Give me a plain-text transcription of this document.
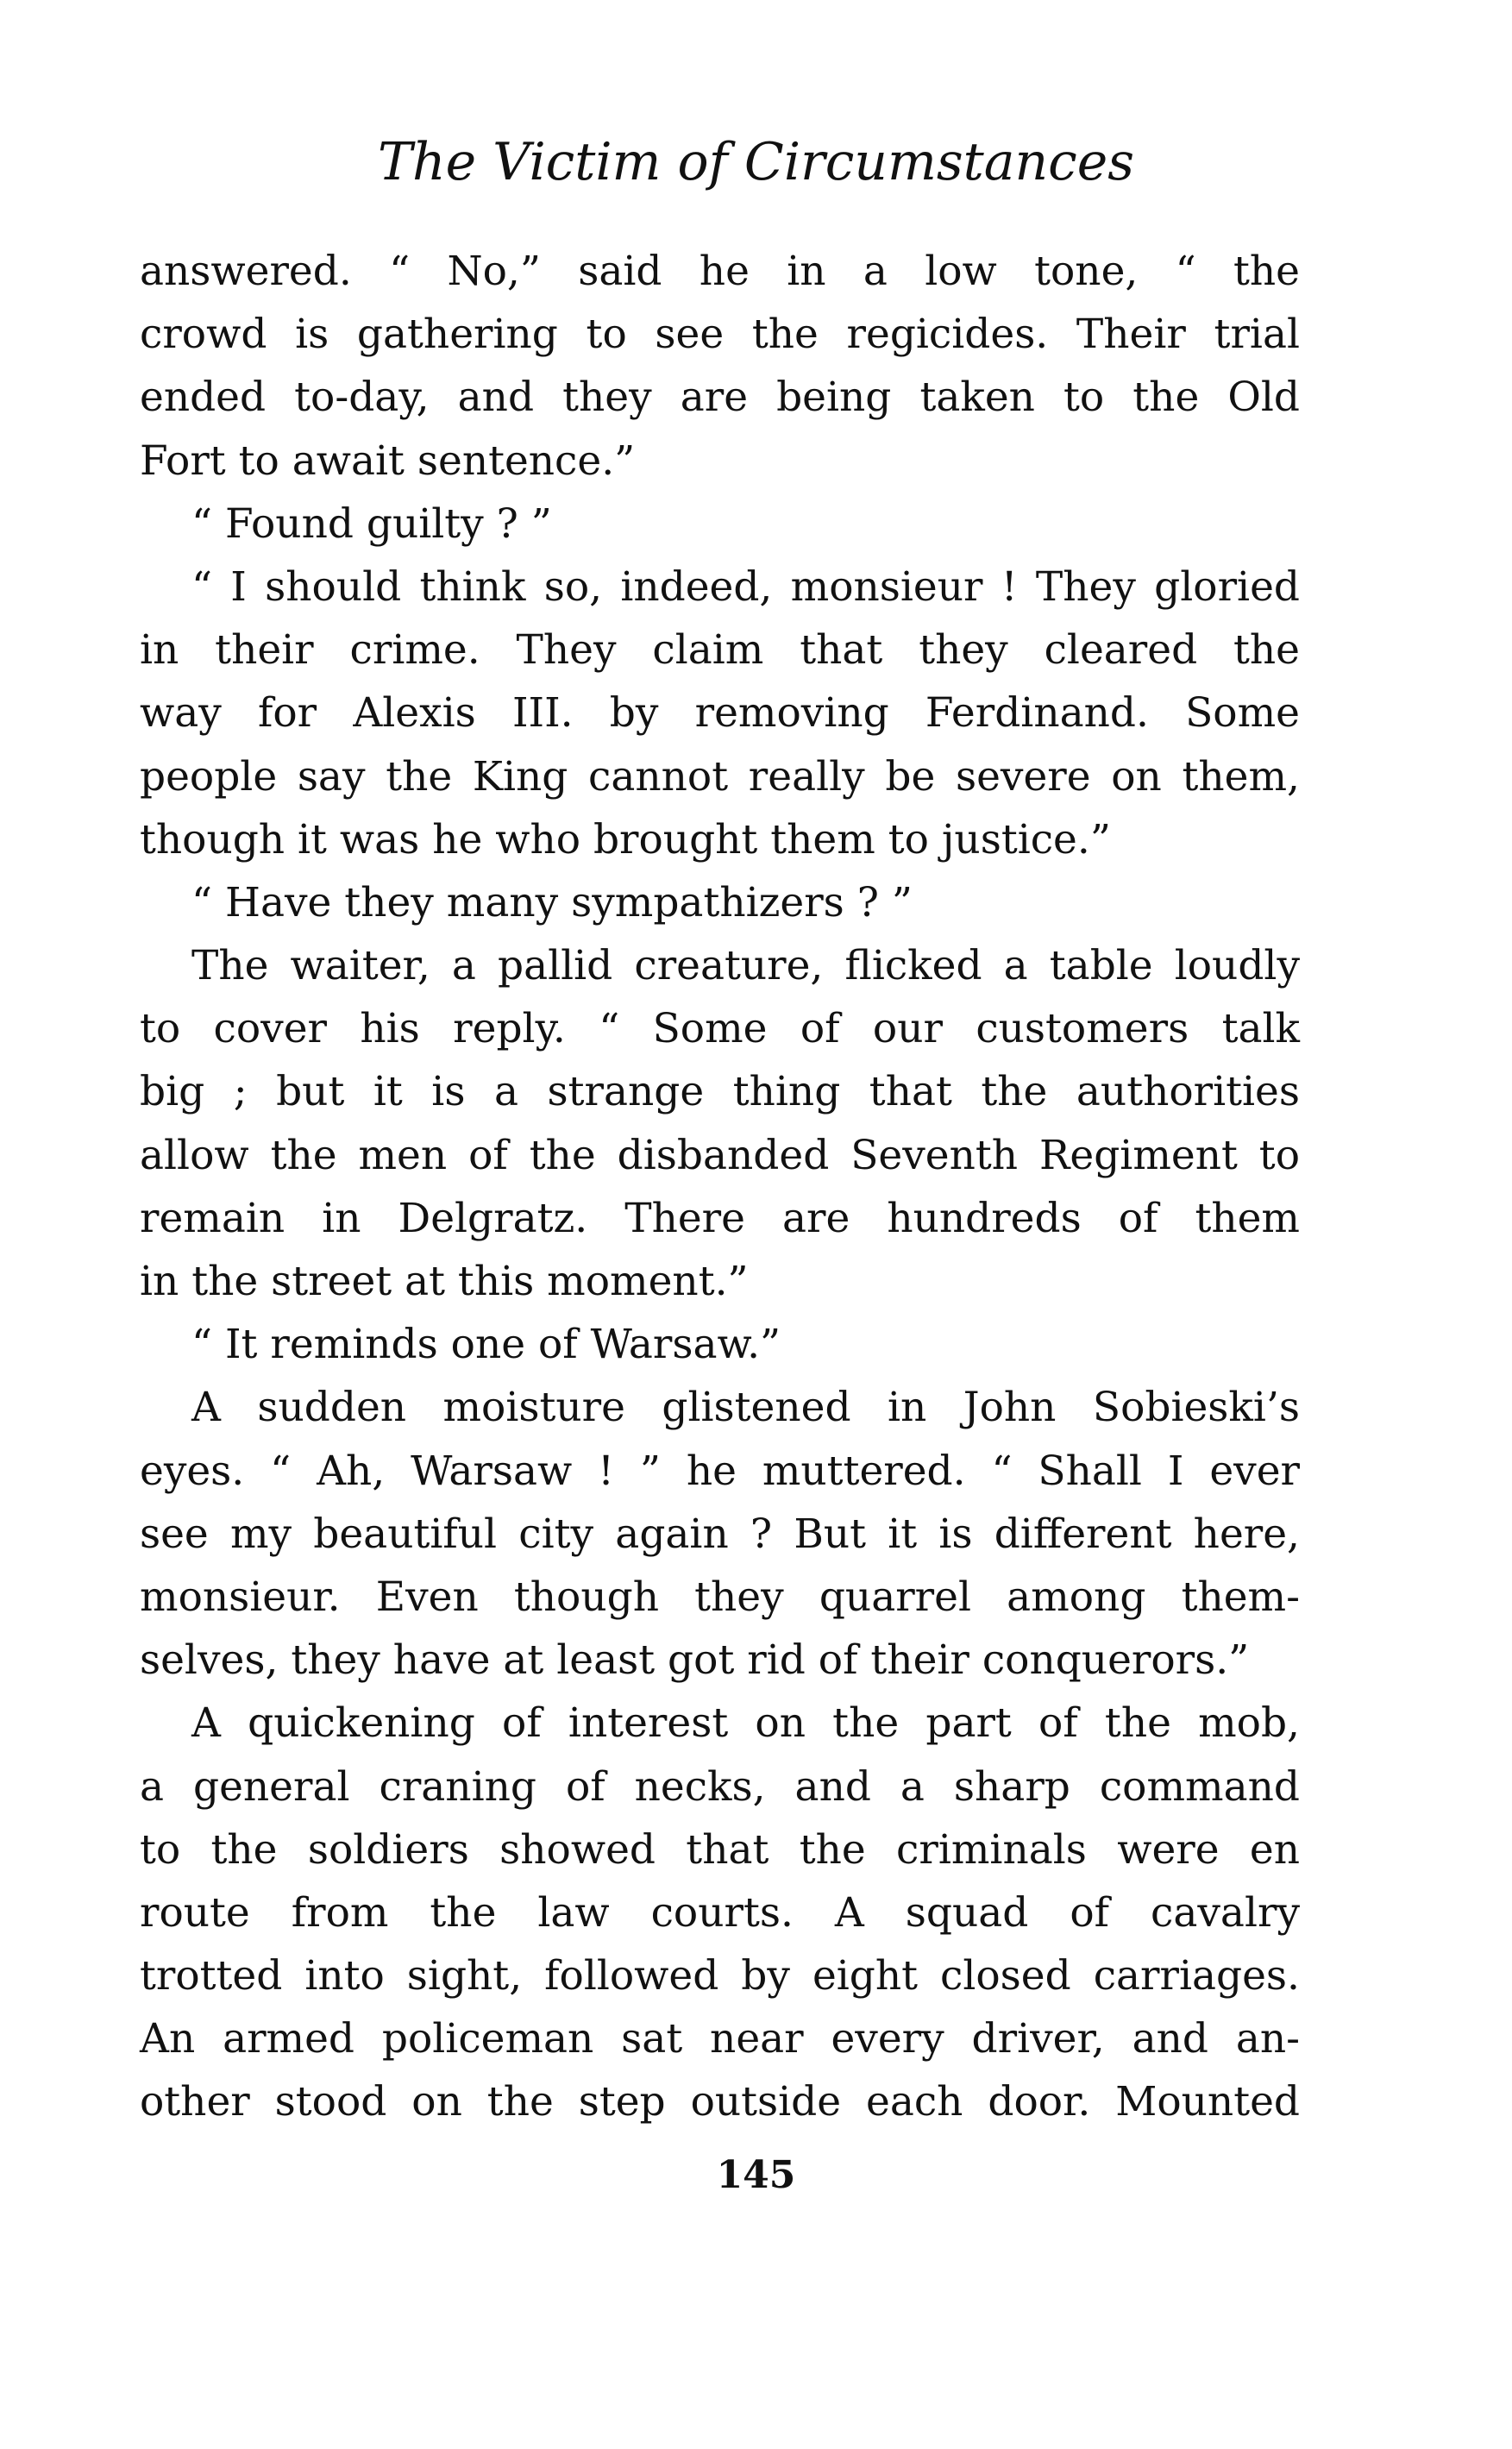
The Victim of Circumstances
answered. “ No,” said he in a low tone, “ the
crowd is gathering to see the regicides. Their trial
ended to-day, and they are being taken to the Old
Fort to await sentence.”
“ Found guilty ? ”
“ I should think so, indeed, monsieur ! They gloried
in their crime. They claim that they cleared the
way for Alexis III. by removing Ferdinand. Some
people say the King cannot really be severe on them,
though it was he who brought them to justice.”
“ Have they many sympathizers ? ”
The waiter, a pallid creature, flicked a table loudly
to cover his reply. “ Some of our customers talk
big ; but it is a strange thing that the authorities
allow the men of the disbanded Seventh Regiment to
remain in Delgratz. There are hundreds of them
in the street at this moment.”
“ It reminds one of Warsaw.”
A sudden moisture glistened in John Sobieski’s
eyes. “ Ah, Warsaw ! ” he muttered. “ Shall I ever
see my beautiful city again ? But it is different here,
monsieur. Even though they quarrel among them-
selves, they have at least got rid of their conquerors.”
A quickening of interest on the part of the mob,
a general craning of necks, and a sharp command
to the soldiers showed that the criminals were en
route from the law courts. A squad of cavalry
trotted into sight, followed by eight closed carriages.
An armed policeman sat near every driver, and an-
other stood on the step outside each door. Mounted
145
